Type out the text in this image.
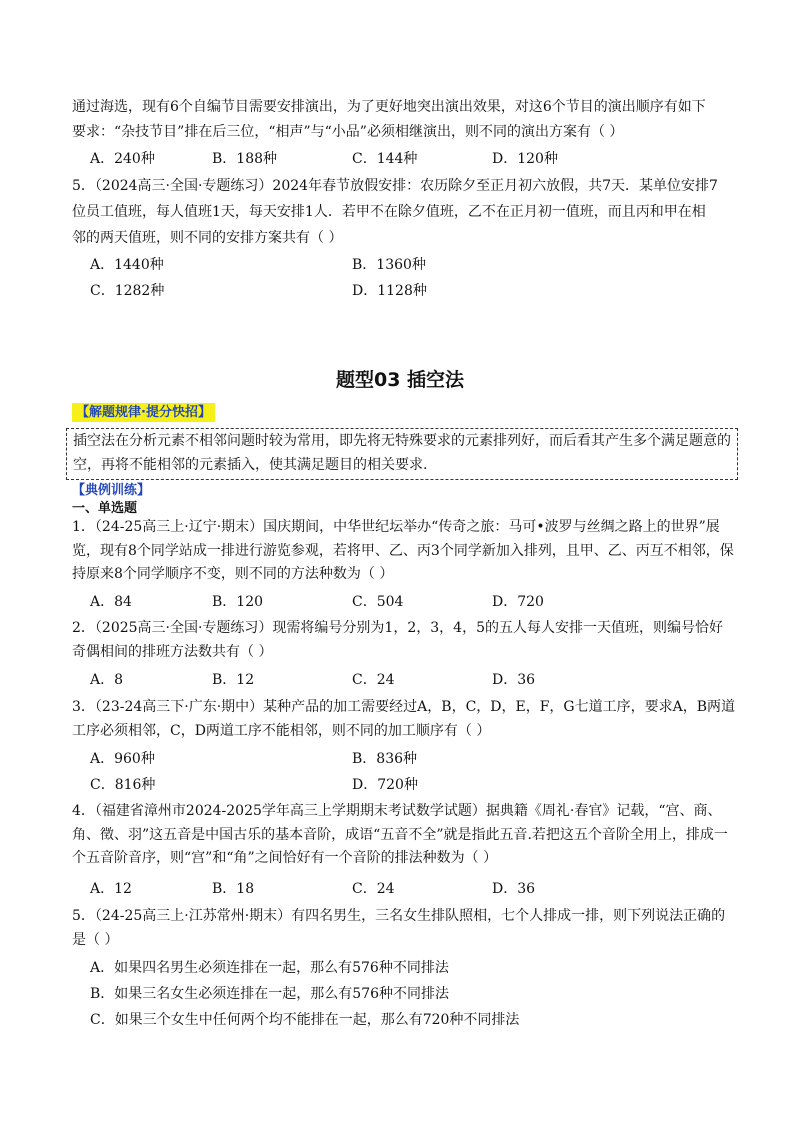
通过海选，现有6个自编节目需要安排演出，为了更好地突出演出效果，对这6个节目的演出顺序有如下
要求：“杂技节目”排在后三位，“相声”与“小品”必须相继演出，则不同的演出方案有（ ）
A．240种	B．188种	C．144种	D．120种
5．（2024高三·全国·专题练习）2024年春节放假安排：农历除夕至正月初六放假，共7天．某单位安排7
位员工值班，每人值班1天，每天安排1人．若甲不在除夕值班，乙不在正月初一值班，而且丙和甲在相
邻的两天值班，则不同的安排方案共有（ ）
A．1440种	B．1360种
C．1282种	D．1128种
题型03 插空法
【解题规律·提分快招】

插空法在分析元素不相邻问题时较为常用，即先将无特殊要求的元素排列好，而后看其产生多个满足题意的空，再将不能相邻的元素插入，使其满足题目的相关要求.

【典例训练】
一、单选题

1．（24-25高三上·辽宁·期末）国庆期间，中华世纪坛举办“传奇之旅：马可•波罗与丝绸之路上的世界”展览，现有8个同学站成一排进行游览参观，若将甲、乙、丙3个同学新加入排列，且甲、乙、丙互不相邻，保持原来8个同学顺序不变，则不同的方法种数为（ ）

A．84	B．120	C．504	D．720

2．（2025高三·全国·专题练习）现需将编号分别为1，2，3，4，5的五人每人安排一天值班，则编号恰好奇偶相间的排班方法数共有（ ）

A．8	B．12	C．24	D．36

3．（23-24高三下·广东·期中）某种产品的加工需要经过A，B，C，D，E，F，G七道工序，要求A，B两道工序必须相邻，C，D两道工序不能相邻，则不同的加工顺序有（ ）

A．960种	B．836种
C．816种	D．720种

4．（福建省漳州市2024-2025学年高三上学期期末考试数学试题）据典籍《周礼·春官》记载，“宫、商、角、徵、羽”这五音是中国古乐的基本音阶，成语“五音不全”就是指此五音.若把这五个音阶全用上，排成一个五音阶音序，则“宫”和“角”之间恰好有一个音阶的排法种数为（ ）

A．12	B．18	C．24	D．36

5．（24-25高三上·江苏常州·期末）有四名男生，三名女生排队照相，七个人排成一排，则下列说法正确的是（ ）

A．如果四名男生必须连排在一起，那么有576种不同排法
B．如果三名女生必须连排在一起，那么有576种不同排法
C．如果三个女生中任何两个均不能排在一起，那么有720种不同排法
